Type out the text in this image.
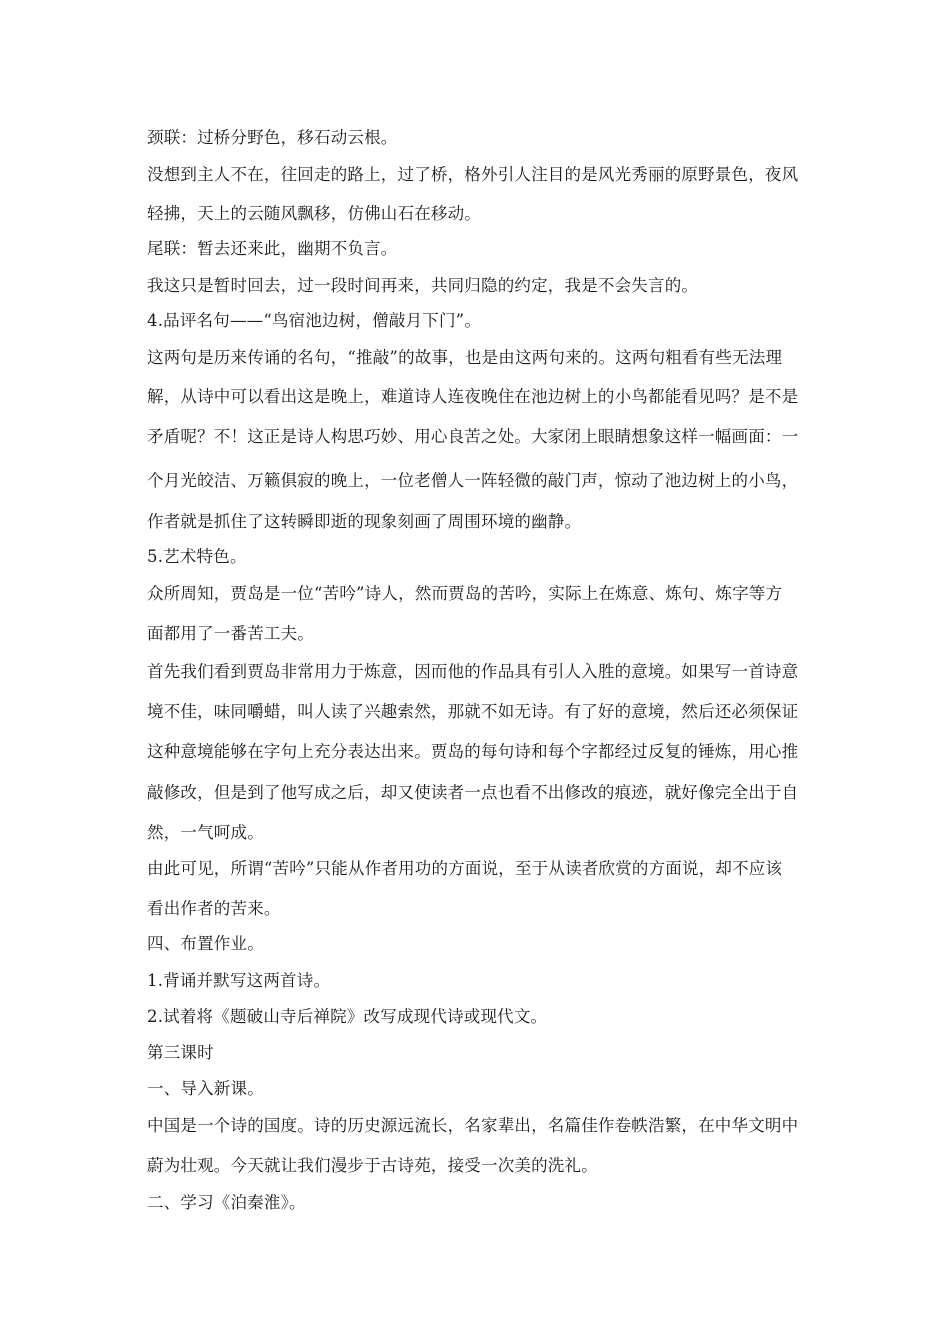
颈联：过桥分野色，移石动云根。
没想到主人不在，往回走的路上，过了桥，格外引人注目的是风光秀丽的原野景色，夜风
轻拂，天上的云随风飘移，仿佛山石在移动。
尾联：暂去还来此，幽期不负言。
我这只是暂时回去，过一段时间再来，共同归隐的约定，我是不会失言的。
4.品评名句——“鸟宿池边树，僧敲月下门”。
这两句是历来传诵的名句，“推敲”的故事，也是由这两句来的。这两句粗看有些无法理
解，从诗中可以看出这是晚上，难道诗人连夜晚住在池边树上的小鸟都能看见吗？是不是
矛盾呢？不！这正是诗人构思巧妙、用心良苦之处。大家闭上眼睛想象这样一幅画面：一
个月光皎洁、万籁俱寂的晚上，一位老僧人一阵轻微的敲门声，惊动了池边树上的小鸟，
作者就是抓住了这转瞬即逝的现象刻画了周围环境的幽静。
5.艺术特色。
众所周知，贾岛是一位“苦吟”诗人，然而贾岛的苦吟，实际上在炼意、炼句、炼字等方
面都用了一番苦工夫。
首先我们看到贾岛非常用力于炼意，因而他的作品具有引人入胜的意境。如果写一首诗意
境不佳，味同嚼蜡，叫人读了兴趣索然，那就不如无诗。有了好的意境，然后还必须保证
这种意境能够在字句上充分表达出来。贾岛的每句诗和每个字都经过反复的锤炼，用心推
敲修改，但是到了他写成之后，却又使读者一点也看不出修改的痕迹，就好像完全出于自
然，一气呵成。
由此可见，所谓“苦吟”只能从作者用功的方面说，至于从读者欣赏的方面说，却不应该
看出作者的苦来。
四、布置作业。
1.背诵并默写这两首诗。
2.试着将《题破山寺后禅院》改写成现代诗或现代文。
第三课时
一、导入新课。
中国是一个诗的国度。诗的历史源远流长，名家辈出，名篇佳作卷帙浩繁，在中华文明中
蔚为壮观。今天就让我们漫步于古诗苑，接受一次美的洗礼。
二、学习《泊秦淮》。
